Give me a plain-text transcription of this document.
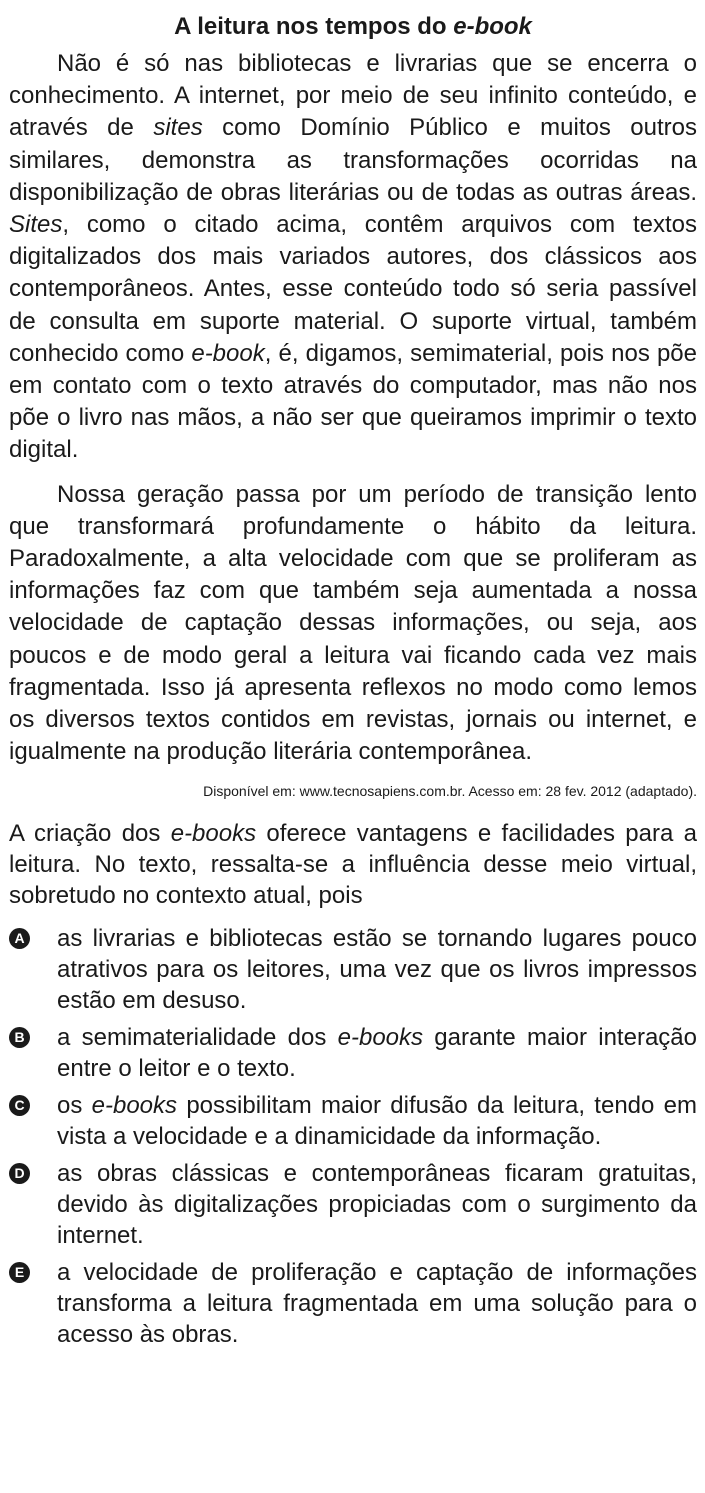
A leitura nos tempos do e-book

Não é só nas bibliotecas e livrarias que se encerra o conhecimento. A internet, por meio de seu infinito conteúdo, e através de sites como Domínio Público e muitos outros similares, demonstra as transformações ocorridas na disponibilização de obras literárias ou de todas as outras áreas. Sites, como o citado acima, contêm arquivos com textos digitalizados dos mais variados autores, dos clássicos aos contemporâneos. Antes, esse conteúdo todo só seria passível de consulta em suporte material. O suporte virtual, também conhecido como e-book, é, digamos, semimaterial, pois nos põe em contato com o texto através do computador, mas não nos põe o livro nas mãos, a não ser que queiramos imprimir o texto digital.

Nossa geração passa por um período de transição lento que transformará profundamente o hábito da leitura. Paradoxalmente, a alta velocidade com que se proliferam as informações faz com que também seja aumentada a nossa velocidade de captação dessas informações, ou seja, aos poucos e de modo geral a leitura vai ficando cada vez mais fragmentada. Isso já apresenta reflexos no modo como lemos os diversos textos contidos em revistas, jornais ou internet, e igualmente na produção literária contemporânea.

Disponível em: www.tecnosapiens.com.br. Acesso em: 28 fev. 2012 (adaptado).
A criação dos e-books oferece vantagens e facilidades para a leitura. No texto, ressalta-se a influência desse meio virtual, sobretudo no contexto atual, pois
A as livrarias e bibliotecas estão se tornando lugares pouco atrativos para os leitores, uma vez que os livros impressos estão em desuso.
B a semimaterialidade dos e-books garante maior interação entre o leitor e o texto.
C os e-books possibilitam maior difusão da leitura, tendo em vista a velocidade e a dinamicidade da informação.
D as obras clássicas e contemporâneas ficaram gratuitas, devido às digitalizações propiciadas com o surgimento da internet.
E a velocidade de proliferação e captação de informações transforma a leitura fragmentada em uma solução para o acesso às obras.
